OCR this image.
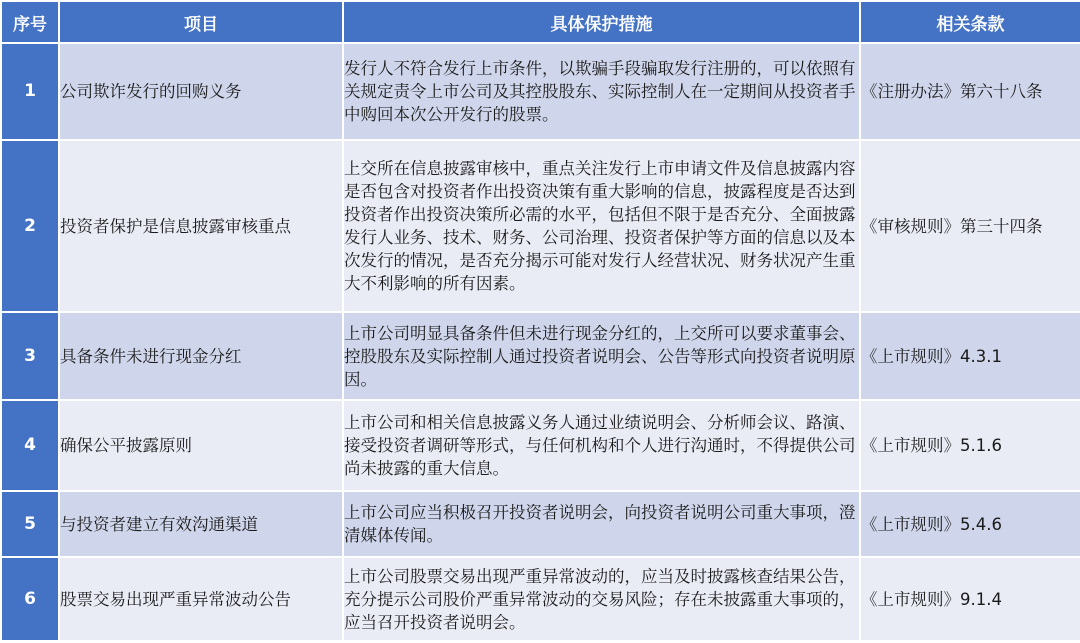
序号	项目	具体保护措施	相关条款
1	公司欺诈发行的回购义务	发行人不符合发行上市条件，以欺骗手段骗取发行注册的，可以依照有关规定责令上市公司及其控股股东、实际控制人在一定期间从投资者手中购回本次公开发行的股票。	《注册办法》第六十八条
2	投资者保护是信息披露审核重点	上交所在信息披露审核中，重点关注发行上市申请文件及信息披露内容是否包含对投资者作出投资决策有重大影响的信息，披露程度是否达到投资者作出投资决策所必需的水平，包括但不限于是否充分、全面披露发行人业务、技术、财务、公司治理、投资者保护等方面的信息以及本次发行的情况，是否充分揭示可能对发行人经营状况、财务状况产生重大不利影响的所有因素。	《审核规则》第三十四条
3	具备条件未进行现金分红	上市公司明显具备条件但未进行现金分红的，上交所可以要求董事会、控股股东及实际控制人通过投资者说明会、公告等形式向投资者说明原因。	《上市规则》4.3.1
4	确保公平披露原则	上市公司和相关信息披露义务人通过业绩说明会、分析师会议、路演、接受投资者调研等形式，与任何机构和个人进行沟通时，不得提供公司尚未披露的重大信息。	《上市规则》5.1.6
5	与投资者建立有效沟通渠道	上市公司应当积极召开投资者说明会，向投资者说明公司重大事项，澄清媒体传闻。	《上市规则》5.4.6
6	股票交易出现严重异常波动公告	上市公司股票交易出现严重异常波动的，应当及时披露核查结果公告，充分提示公司股价严重异常波动的交易风险；存在未披露重大事项的，应当召开投资者说明会。	《上市规则》9.1.4
